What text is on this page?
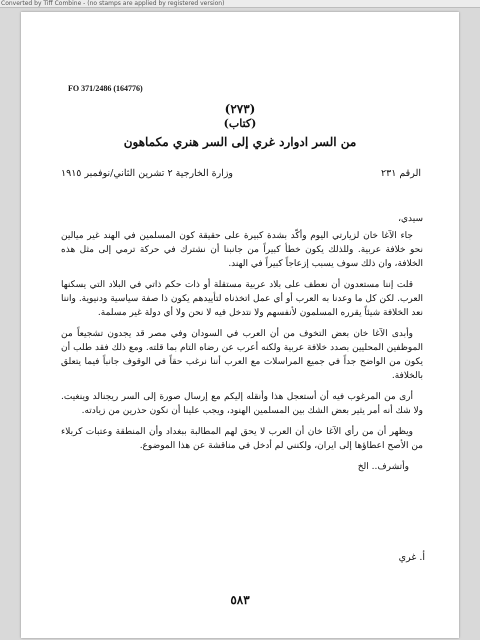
Converted by Tiff Combine - (no stamps are applied by registered version)
FO 371/2486 (164776)
(٢٧٣)
(كتاب)
من السر ادوارد غري إلى السر هنري مكماهون
الرقم ٢٣١
وزارة الخارجية ٢ تشرين الثاني/نوفمبر ١٩١٥

سيدي،

جاء الآغا خان لزيارتي اليوم وأكّد بشدة كبيرة على حقيقة كون المسلمين في الهند غير ميالين نحو خلافة عربية. وللذلك يكون خطأ كبيراً من جانبنا أن نشترك في حركة ترمي إلى مثل هذه الخلافة، وان ذلك سوف يسبب إزعاجاً كبيراً في الهند.

قلت إننا مستعدون أن نعطف على بلاد عربية مستقلة أو ذات حكم ذاتي في البلاد التي يسكنها العرب. لكن كل ما وعدنا به العرب أو أي عمل اتخذناه لتأييدهم يكون ذا صفة سياسية ودنيوية. واننا نعد الخلافة شيئاً يقرره المسلمون لأنفسهم ولا نتدخل فيه لا نحن ولا أي دولة غير مسلمة.

وأبدى الآغا خان بعض التخوف من أن العرب في السودان وفي مصر قد يجدون تشجيعاً من الموظفين المحليين بصدد خلافة عربية ولكنه أعرب عن رضاه التام بما قلته. ومع ذلك فقد طلب أن يكون من الواضح جداً في جميع المراسلات مع العرب أننا نرغب حقاً في الوقوف جانباً فيما يتعلق بالخلافة.

أرى من المرغوب فيه أن أستعجل هذا وأنقله إليكم مع إرسال صورة إلى السر ريجنالد وينغيت. ولا شك أنه أمر يثير بعض الشك بين المسلمين الهنود، ويجب علينا أن نكون حذرين من زيادته.

ويظهر أن من رأي الآغا خان أن العرب لا يحق لهم المطالبة ببغداد وأن المنطقة وعتبات كربلاء من الأصح اعطاؤها إلى ايران، ولكنني لم أدخل في مناقشة عن هذا الموضوع.

وأتشرف.. الخ

أ. غري
٥٨٣
